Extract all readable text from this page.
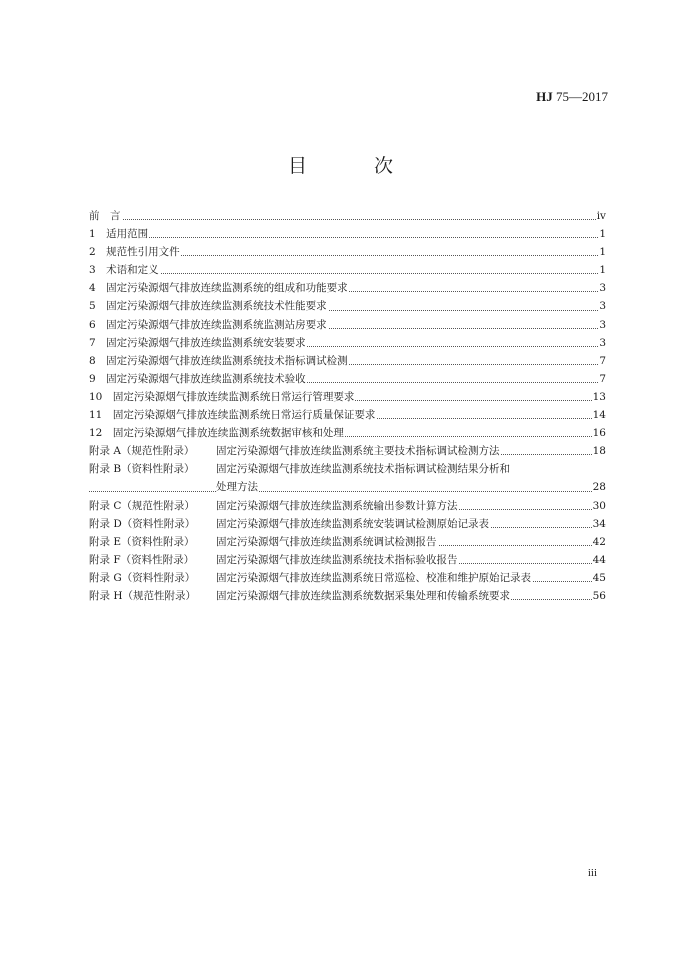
HJ 75—2017
目　次
前　言	iv
1　适用范围	1
2　规范性引用文件	1
3　术语和定义	1
4　固定污染源烟气排放连续监测系统的组成和功能要求	3
5　固定污染源烟气排放连续监测系统技术性能要求	3
6　固定污染源烟气排放连续监测系统监测站房要求	3
7　固定污染源烟气排放连续监测系统安装要求	3
8　固定污染源烟气排放连续监测系统技术指标调试检测	7
9　固定污染源烟气排放连续监测系统技术验收	7
10　固定污染源烟气排放连续监测系统日常运行管理要求	13
11　固定污染源烟气排放连续监测系统日常运行质量保证要求	14
12　固定污染源烟气排放连续监测系统数据审核和处理	16
附录 A（规范性附录） 固定污染源烟气排放连续监测系统主要技术指标调试检测方法	18
附录 B（资料性附录） 固定污染源烟气排放连续监测系统技术指标调试检测结果分析和
处理方法	28
附录 C（规范性附录） 固定污染源烟气排放连续监测系统输出参数计算方法	30
附录 D（资料性附录） 固定污染源烟气排放连续监测系统安装调试检测原始记录表	34
附录 E（资料性附录） 固定污染源烟气排放连续监测系统调试检测报告	42
附录 F（资料性附录） 固定污染源烟气排放连续监测系统技术指标验收报告	44
附录 G（资料性附录） 固定污染源烟气排放连续监测系统日常巡检、校准和维护原始记录表	45
附录 H（规范性附录） 固定污染源烟气排放连续监测系统数据采集处理和传输系统要求	56
iii
